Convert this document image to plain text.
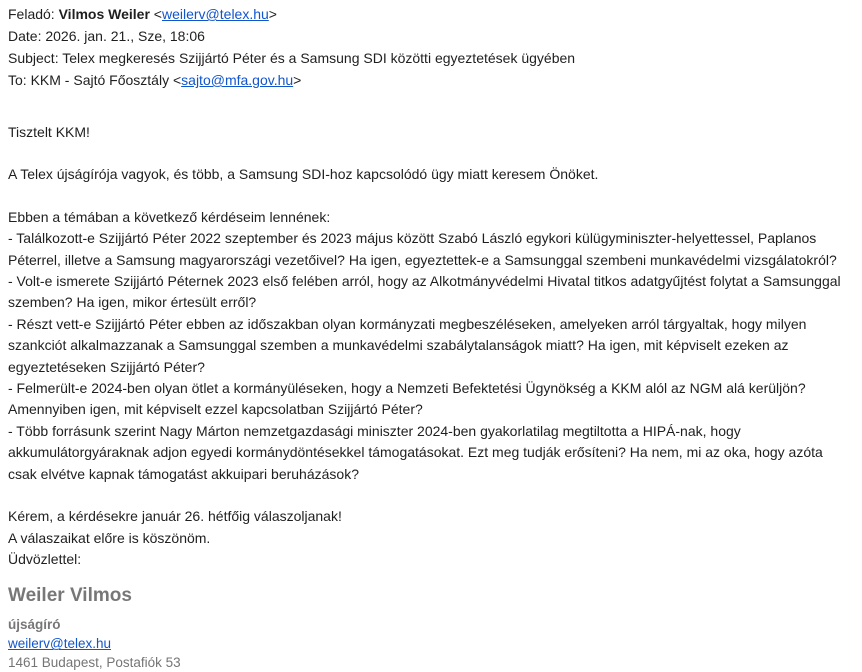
Feladó: Vilmos Weiler <weilerv@telex.hu>
Date: 2026. jan. 21., Sze, 18:06
Subject: Telex megkeresés Szijjártó Péter és a Samsung SDI közötti egyeztetések ügyében
To: KKM - Sajtó Főosztály <sajto@mfa.gov.hu>
Tisztelt KKM!
A Telex újságírója vagyok, és több, a Samsung SDI-hoz kapcsolódó ügy miatt keresem Önöket.
Ebben a témában a következő kérdéseim lennének:
- Találkozott-e Szijjártó Péter 2022 szeptember és 2023 május között Szabó László egykori külügyminiszter-helyettessel, Paplanos Péterrel, illetve a Samsung magyarországi vezetőivel? Ha igen, egyeztettek-e a Samsunggal szembeni munkavédelmi vizsgálatokról?
- Volt-e ismerete Szijjártó Péternek 2023 első felében arról, hogy az Alkotmányvédelmi Hivatal titkos adatgyűjtést folytat a Samsunggal szemben? Ha igen, mikor értesült erről?
- Részt vett-e Szijjártó Péter ebben az időszakban olyan kormányzati megbeszéléseken, amelyeken arról tárgyaltak, hogy milyen szankciót alkalmazzanak a Samsunggal szemben a munkavédelmi szabálytalanságok miatt? Ha igen, mit képviselt ezeken az egyeztetéseken Szijjártó Péter?
- Felmerült-e 2024-ben olyan ötlet a kormányüléseken, hogy a Nemzeti Befektetési Ügynökség a KKM alól az NGM alá kerüljön? Amennyiben igen, mit képviselt ezzel kapcsolatban Szijjártó Péter?
- Több forrásunk szerint Nagy Márton nemzetgazdasági miniszter 2024-ben gyakorlatilag megtiltotta a HIPÁ-nak, hogy akkumulátorgyáraknak adjon egyedi kormánydöntésekkel támogatásokat. Ezt meg tudják erősíteni? Ha nem, mi az oka, hogy azóta csak elvétve kapnak támogatást akkuipari beruházások?
Kérem, a kérdésekre január 26. hétfőig válaszoljanak!
A válaszaikat előre is köszönöm.
Üdvözlettel:
Weiler Vilmos
újságíró
weilerv@telex.hu
1461 Budapest, Postafiók 53
